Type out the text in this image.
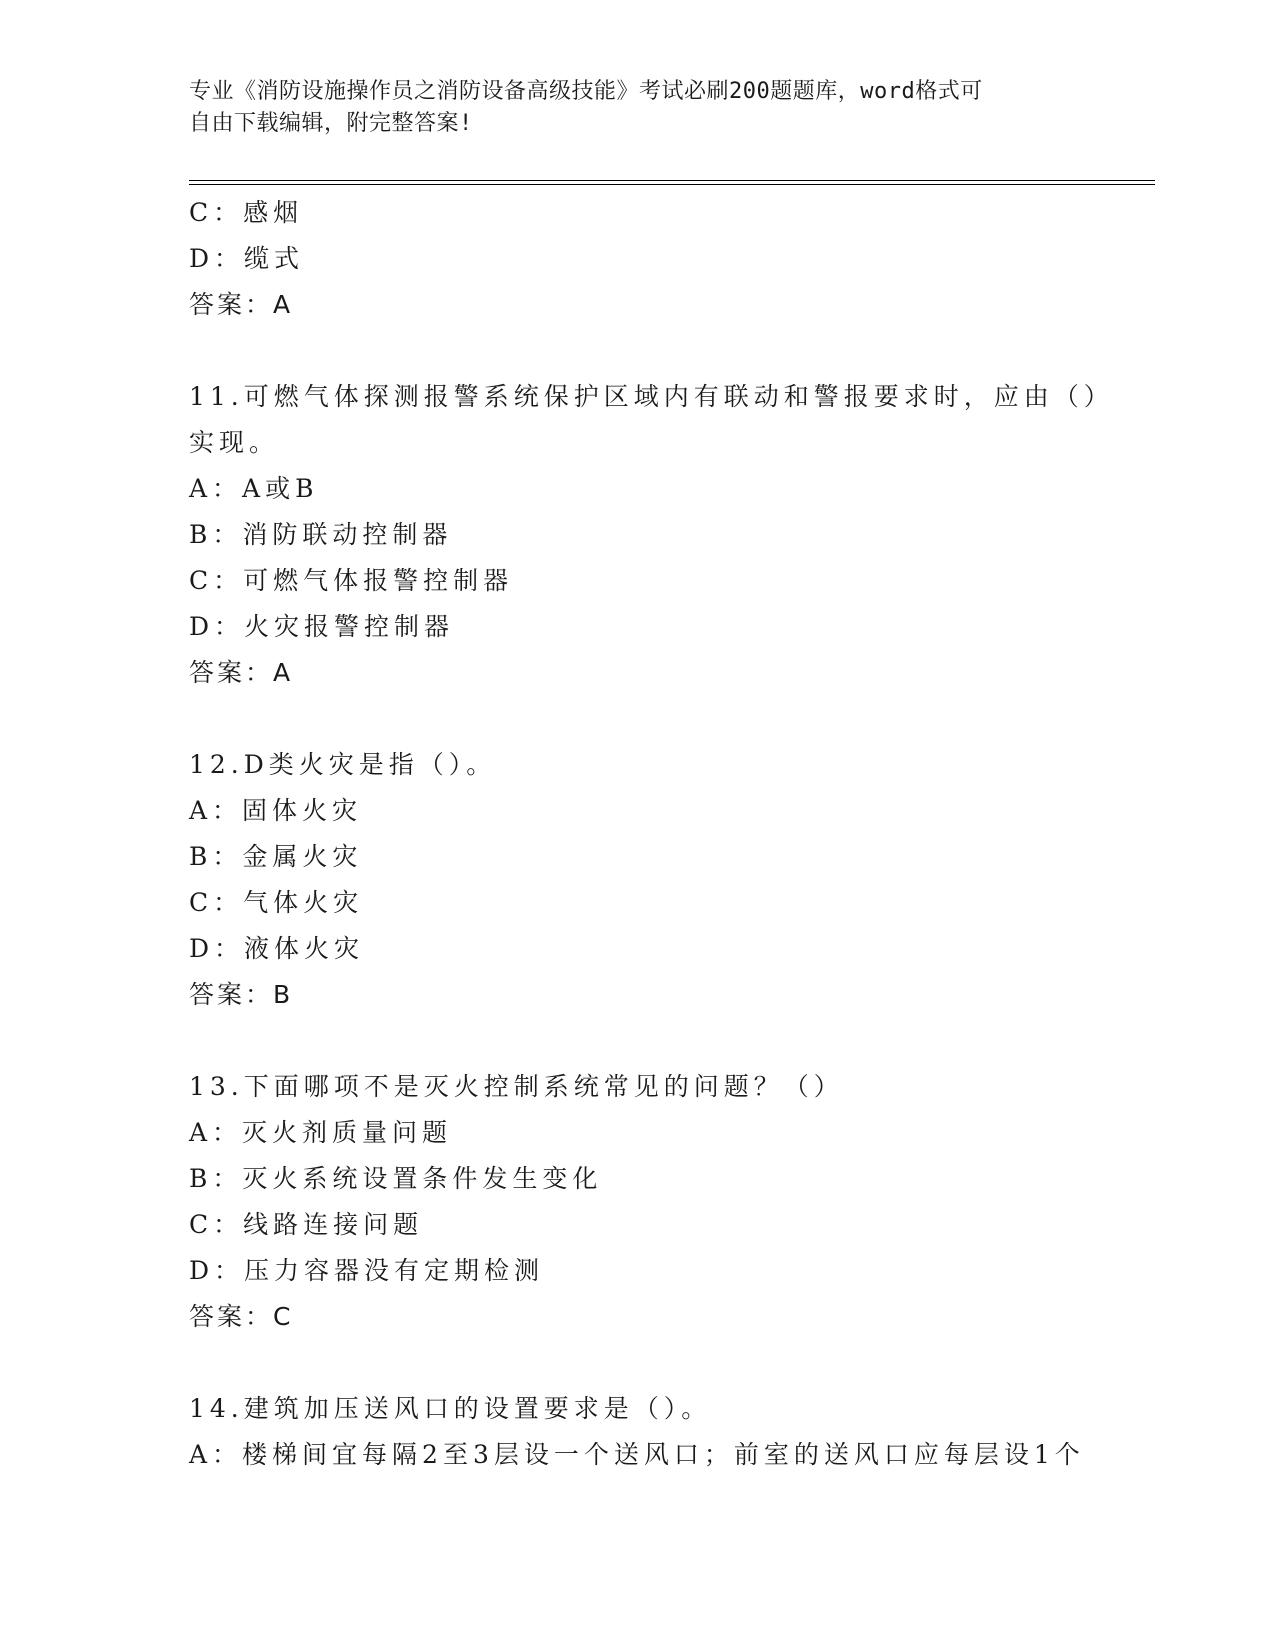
专业《消防设施操作员之消防设备高级技能》考试必刷200题题库，word格式可
自由下载编辑，附完整答案!
C：感烟
D：缆式
答案：A
11.可燃气体探测报警系统保护区域内有联动和警报要求时，应由（）
实现。
A：A或B
B：消防联动控制器
C：可燃气体报警控制器
D：火灾报警控制器
答案：A
12.D类火灾是指（）。
A：固体火灾
B：金属火灾
C：气体火灾
D：液体火灾
答案：B
13.下面哪项不是灭火控制系统常见的问题？（）
A：灭火剂质量问题
B：灭火系统设置条件发生变化
C：线路连接问题
D：压力容器没有定期检测
答案：C
14.建筑加压送风口的设置要求是（）。
A：楼梯间宜每隔2至3层设一个送风口；前室的送风口应每层设1个
